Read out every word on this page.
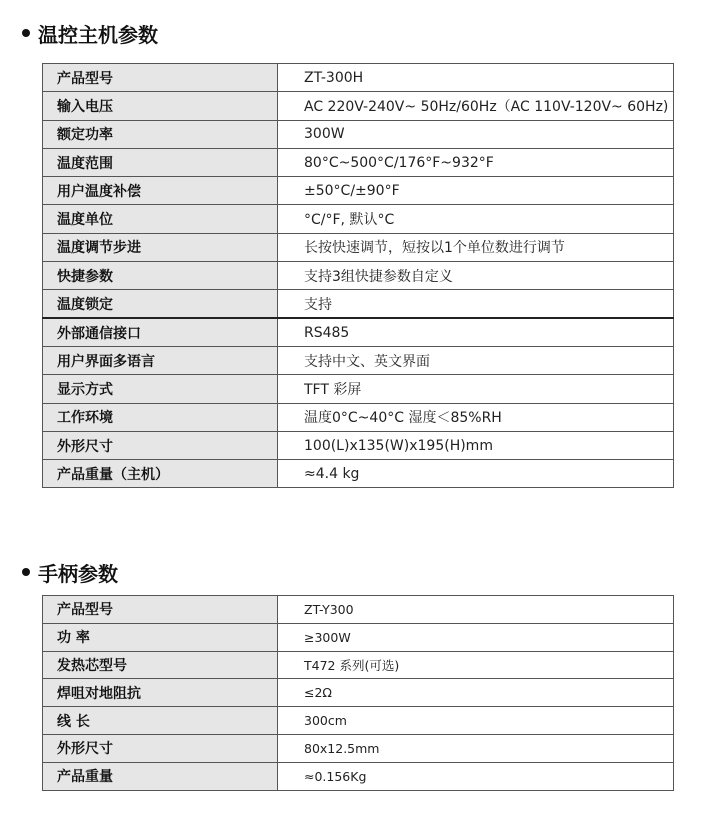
温控主机参数
产品型号	ZT-300H
输入电压	AC 220V-240V~ 50Hz/60Hz（AC 110V-120V~ 60Hz)
额定功率	300W
温度范围	80°C~500°C/176°F~932°F
用户温度补偿	±50°C/±90°F
温度单位	°C/°F, 默认°C
温度调节步进	长按快速调节，短按以1个单位数进行调节
快捷参数	支持3组快捷参数自定义
温度锁定	支持
外部通信接口	RS485
用户界面多语言	支持中文、英文界面
显示方式	TFT 彩屏
工作环境	温度0°C~40°C 湿度＜85%RH
外形尺寸	100(L)x135(W)x195(H)mm
产品重量（主机）	≈4.4 kg
手柄参数
产品型号	ZT-Y300
功 率	≥300W
发热芯型号	T472 系列(可选)
焊咀对地阻抗	≤2Ω
线 长	300cm
外形尺寸	80x12.5mm
产品重量	≈0.156Kg
